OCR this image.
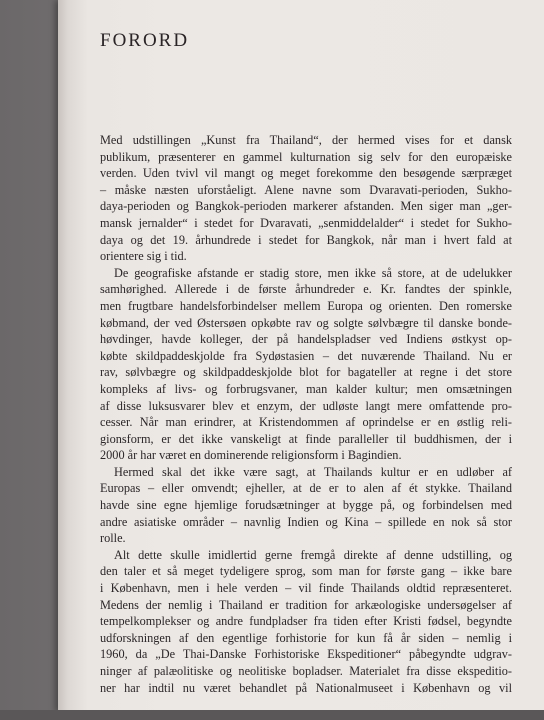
FORORD

Med udstillingen „Kunst fra Thailand“, der hermed vises for et dansk
publikum, præsenterer en gammel kulturnation sig selv for den europæiske
verden. Uden tvivl vil mangt og meget forekomme den besøgende særpræget
– måske næsten uforståeligt. Alene navne som Dvaravati-perioden, Sukho-
daya-perioden og Bangkok-perioden markerer afstanden. Men siger man „ger-
mansk jernalder“ i stedet for Dvaravati, „senmiddelalder“ i stedet for Sukho-
daya og det 19. århundrede i stedet for Bangkok, når man i hvert fald at
orientere sig i tid.

De geografiske afstande er stadig store, men ikke så store, at de udelukker
samhørighed. Allerede i de første århundreder e. Kr. fandtes der spinkle,
men frugtbare handelsforbindelser mellem Europa og orienten. Den romerske
købmand, der ved Østersøen opkøbte rav og solgte sølvbægre til danske bonde-
høvdinger, havde kolleger, der på handelspladser ved Indiens østkyst op-
købte skildpaddeskjolde fra Sydøstasien – det nuværende Thailand. Nu er
rav, sølvbægre og skildpaddeskjolde blot for bagateller at regne i det store
kompleks af livs- og forbrugsvaner, man kalder kultur; men omsætningen
af disse luksusvarer blev et enzym, der udløste langt mere omfattende pro-
cesser. Når man erindrer, at Kristendommen af oprindelse er en østlig reli-
gionsform, er det ikke vanskeligt at finde paralleller til buddhismen, der i
2000 år har været en dominerende religionsform i Bagindien.

Hermed skal det ikke være sagt, at Thailands kultur er en udløber af
Europas – eller omvendt; ejheller, at de er to alen af ét stykke. Thailand
havde sine egne hjemlige forudsætninger at bygge på, og forbindelsen med
andre asiatiske områder – navnlig Indien og Kina – spillede en nok så stor
rolle.

Alt dette skulle imidlertid gerne fremgå direkte af denne udstilling, og
den taler et så meget tydeligere sprog, som man for første gang – ikke bare
i København, men i hele verden – vil finde Thailands oldtid repræsenteret.
Medens der nemlig i Thailand er tradition for arkæologiske undersøgelser af
tempelkomplekser og andre fundpladser fra tiden efter Kristi fødsel, begyndte
udforskningen af den egentlige forhistorie for kun få år siden – nemlig i
1960, da „De Thai-Danske Forhistoriske Ekspeditioner“ påbegyndte udgrav-
ninger af palæolitiske og neolitiske bopladser. Materialet fra disse ekspeditio-
ner har indtil nu været behandlet på Nationalmuseet i København og vil
